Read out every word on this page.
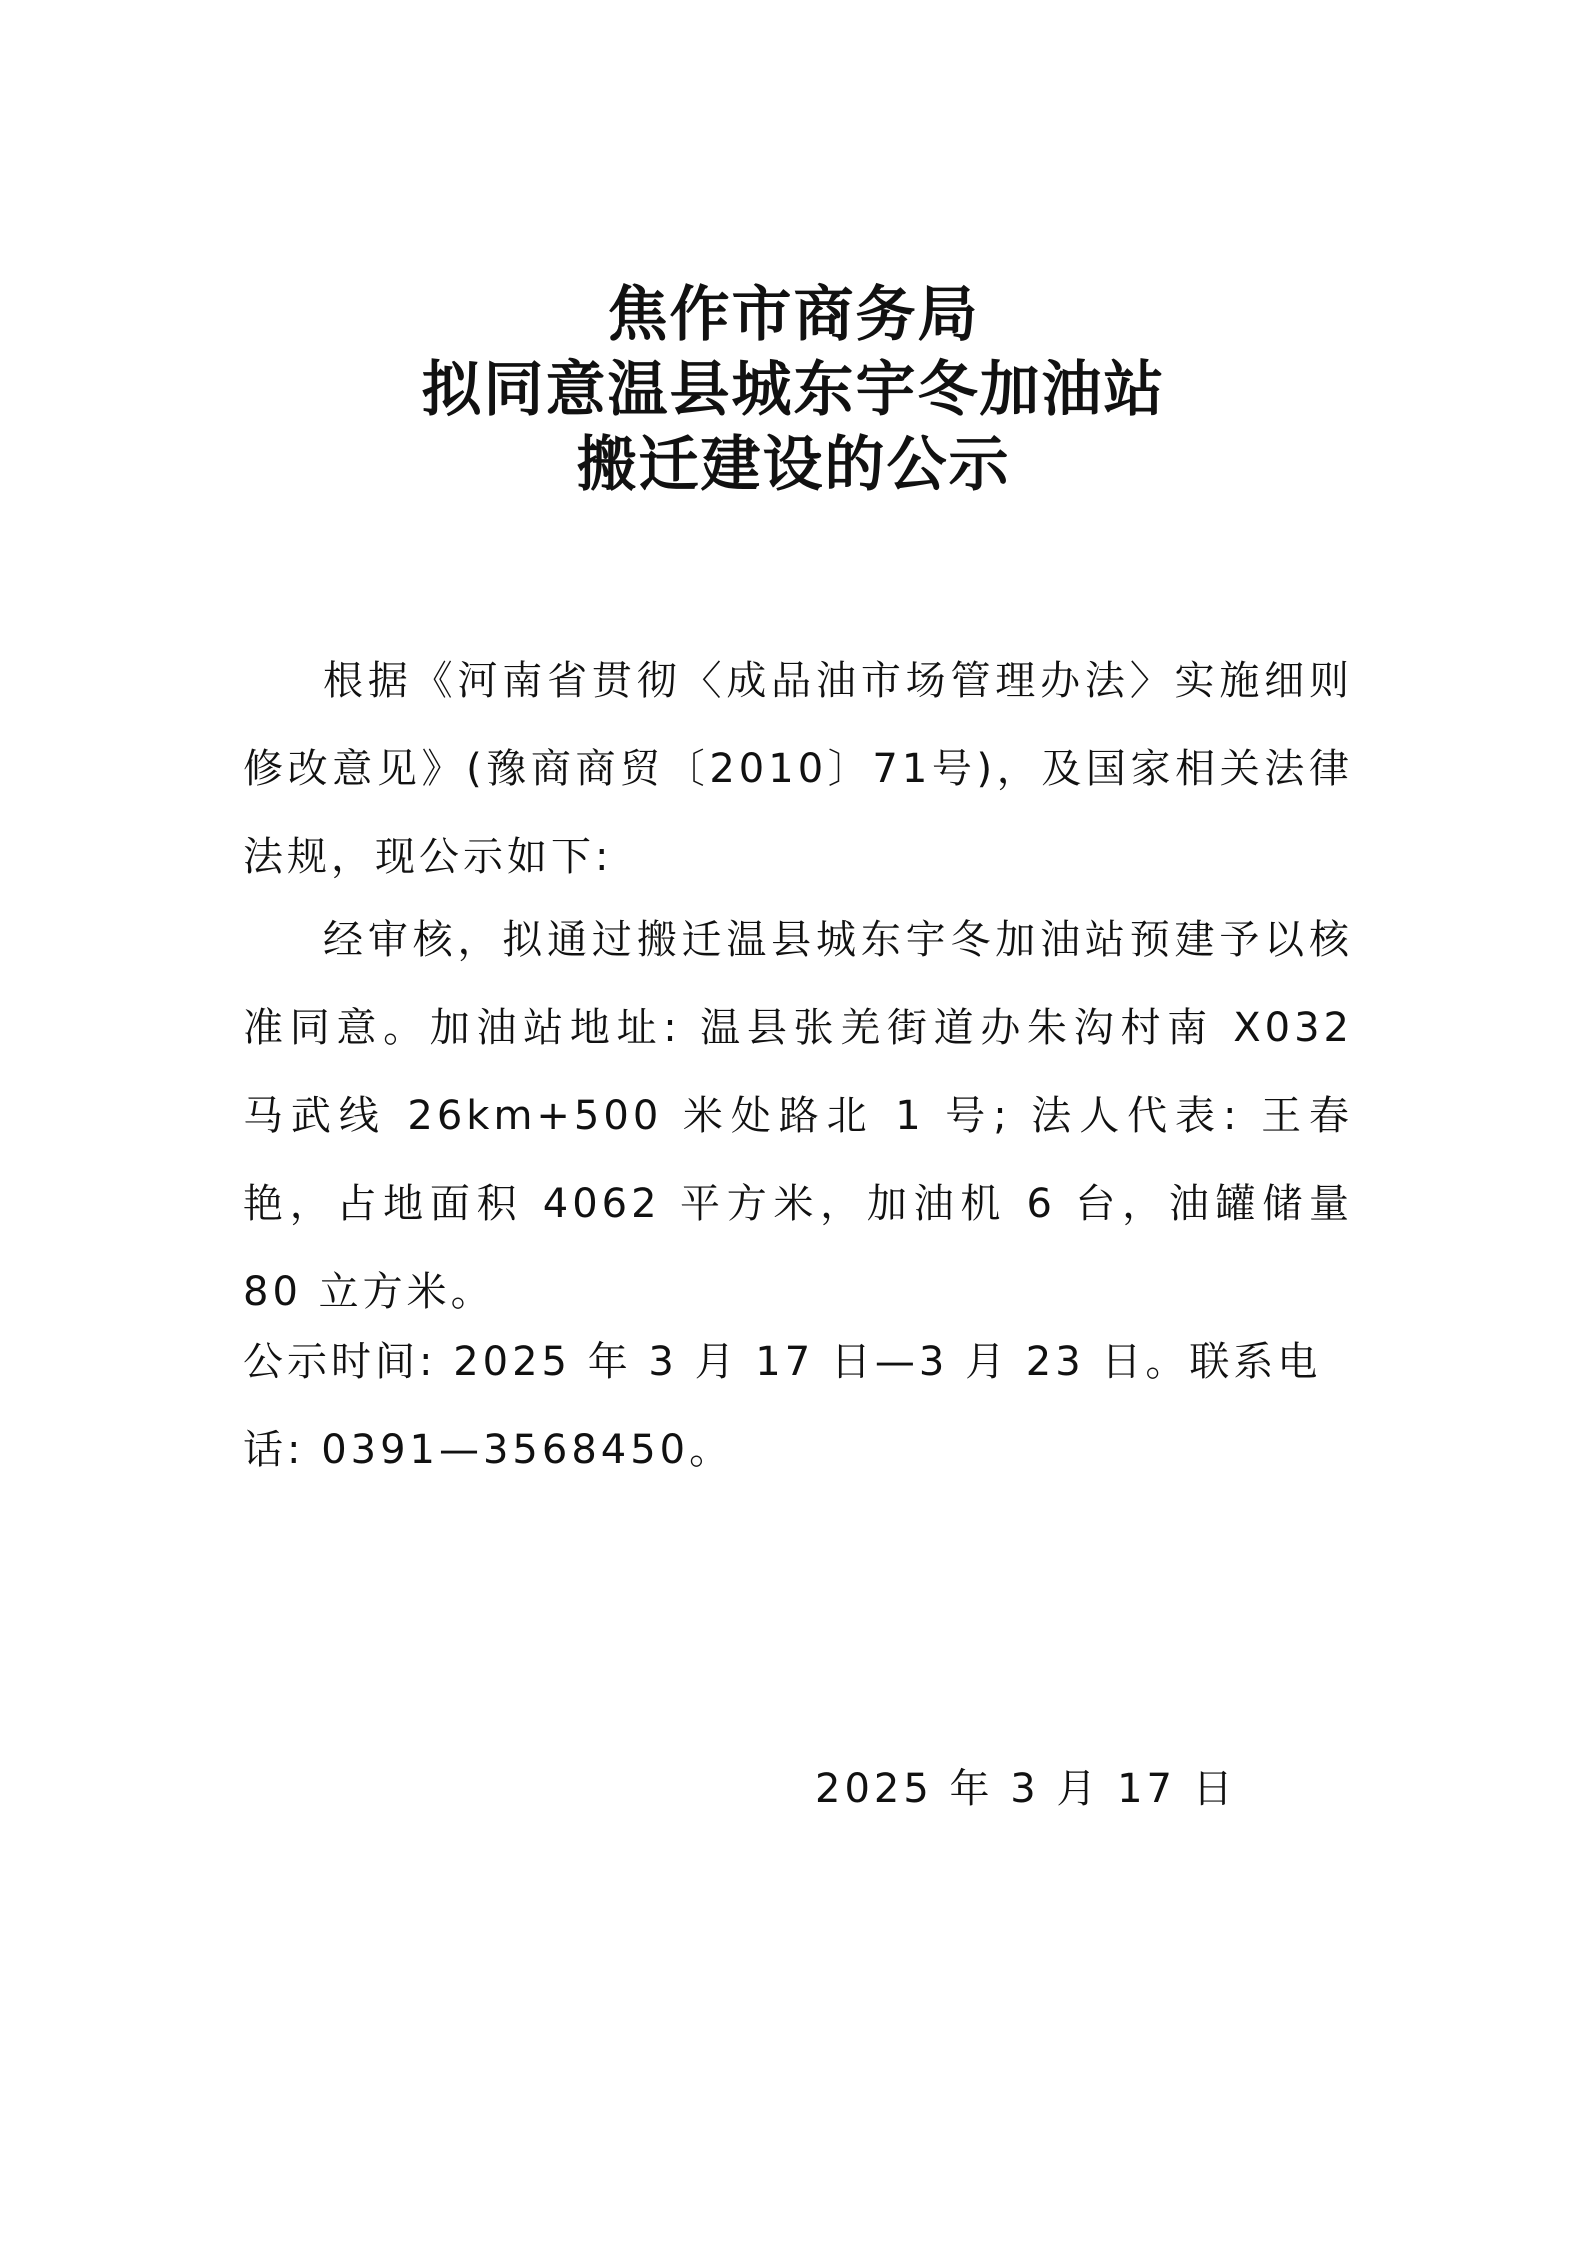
焦作市商务局
拟同意温县城东宇冬加油站
搬迁建设的公示

根据《河南省贯彻〈成品油市场管理办法〉实施细则修改意见》(豫商商贸〔2010〕71号)，及国家相关法律法规，现公示如下:

经审核，拟通过搬迁温县城东宇冬加油站预建予以核准同意。加油站地址: 温县张羌街道办朱沟村南 X032 马武线 26km+500 米处路北 1 号; 法人代表: 王春艳，占地面积 4062 平方米，加油机 6 台，油罐储量 80 立方米。

公示时间: 2025 年 3 月 17 日—3 月 23 日。联系电话: 0391—3568450。
2025 年 3 月 17 日
